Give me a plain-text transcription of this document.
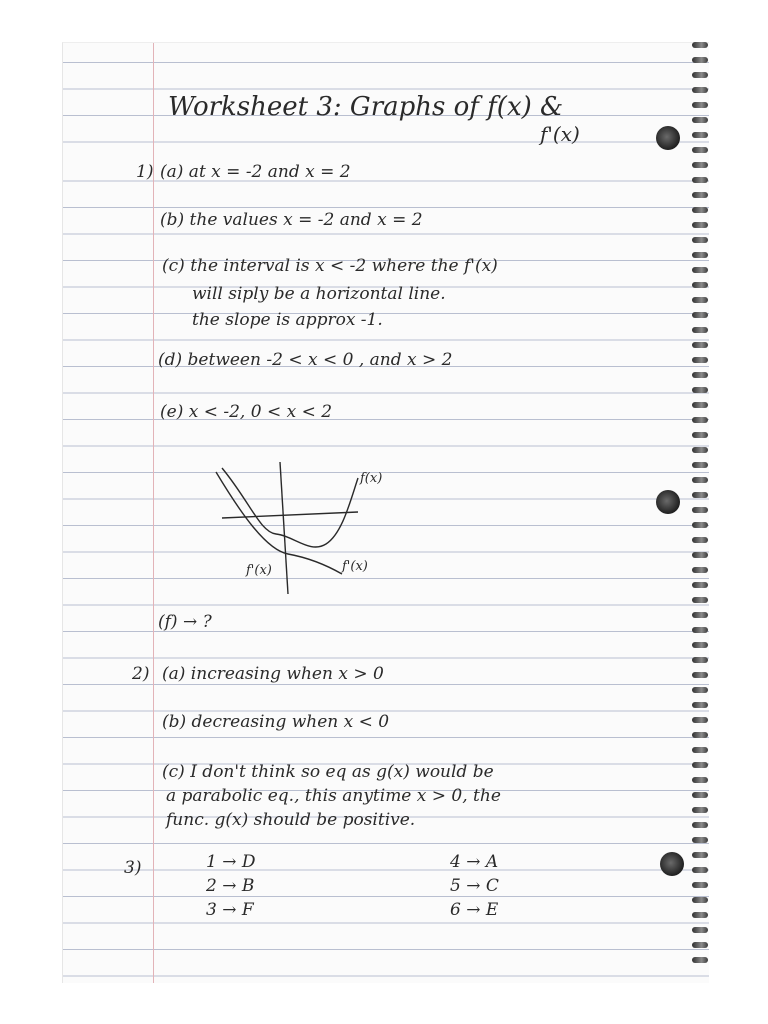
Worksheet 3: Graphs of f(x) &
f'(x)
1) (a) at x = -2 and x = 2
(b) the values x = -2 and x = 2
(c) the interval is x < -2 where the f'(x)
will siply be a horizontal line.
the slope is approx -1.
(d) between -2 < x < 0 , and x > 2
(e) x < -2, 0 < x < 2
f(x)
f'(x)	f'(x)
(f) → ?
2) (a) increasing when x > 0
(b) decreasing when x < 0
(c) I don't think so eq as g(x) would be
a parabolic eq., this anytime x > 0, the
func. g(x) should be positive.
3)	1 → D
2 → B
3 → F
4 → A
5 → C
6 → E
